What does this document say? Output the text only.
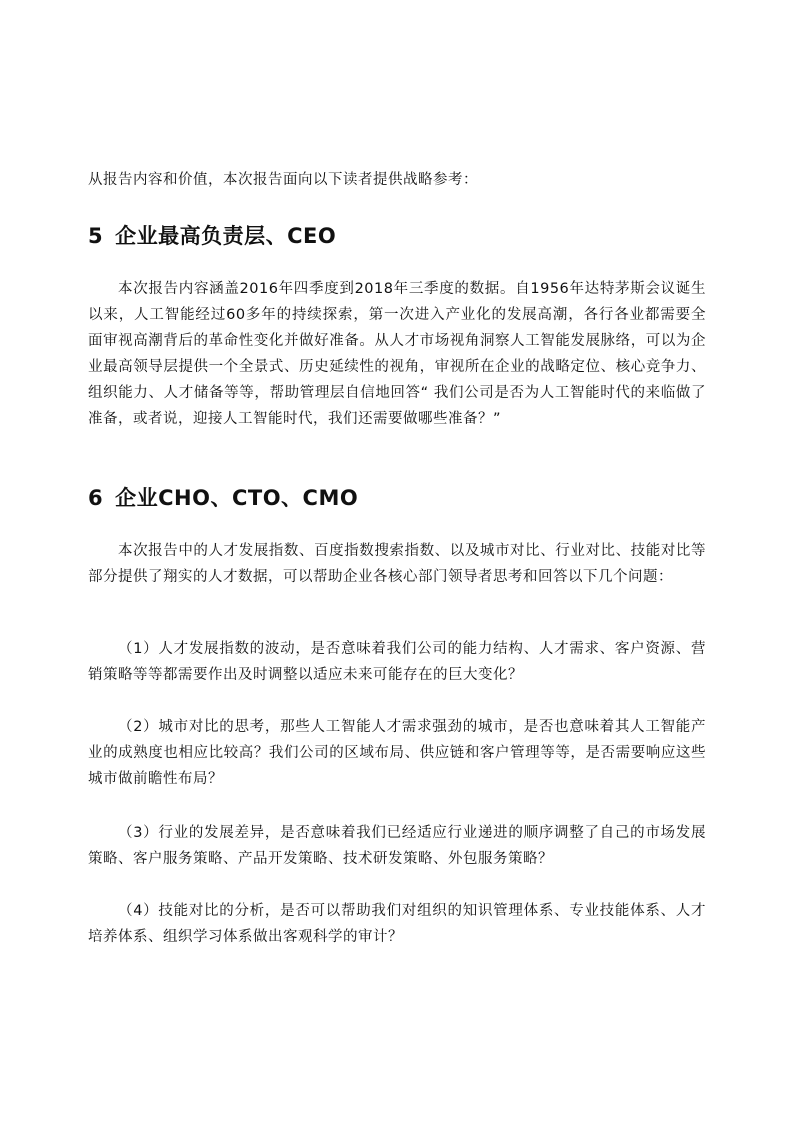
从报告内容和价值，本次报告面向以下读者提供战略参考：

5 企业最高负责层、CEO

本次报告内容涵盖2016年四季度到2018年三季度的数据。自1956年达特茅斯会议诞生以来，人工智能经过60多年的持续探索，第一次进入产业化的发展高潮，各行各业都需要全面审视高潮背后的革命性变化并做好准备。从人才市场视角洞察人工智能发展脉络，可以为企业最高领导层提供一个全景式、历史延续性的视角，审视所在企业的战略定位、核心竞争力、组织能力、人才储备等等，帮助管理层自信地回答“ 我们公司是否为人工智能时代的来临做了准备，或者说，迎接人工智能时代，我们还需要做哪些准备？”

6 企业CHO、CTO、CMO

本次报告中的人才发展指数、百度指数搜索指数、以及城市对比、行业对比、技能对比等部分提供了翔实的人才数据，可以帮助企业各核心部门领导者思考和回答以下几个问题：

（1）人才发展指数的波动，是否意味着我们公司的能力结构、人才需求、客户资源、营销策略等等都需要作出及时调整以适应未来可能存在的巨大变化？

（2）城市对比的思考，那些人工智能人才需求强劲的城市，是否也意味着其人工智能产业的成熟度也相应比较高？我们公司的区域布局、供应链和客户管理等等，是否需要响应这些城市做前瞻性布局？

（3）行业的发展差异，是否意味着我们已经适应行业递进的顺序调整了自己的市场发展策略、客户服务策略、产品开发策略、技术研发策略、外包服务策略？

（4）技能对比的分析，是否可以帮助我们对组织的知识管理体系、专业技能体系、人才培养体系、组织学习体系做出客观科学的审计？
